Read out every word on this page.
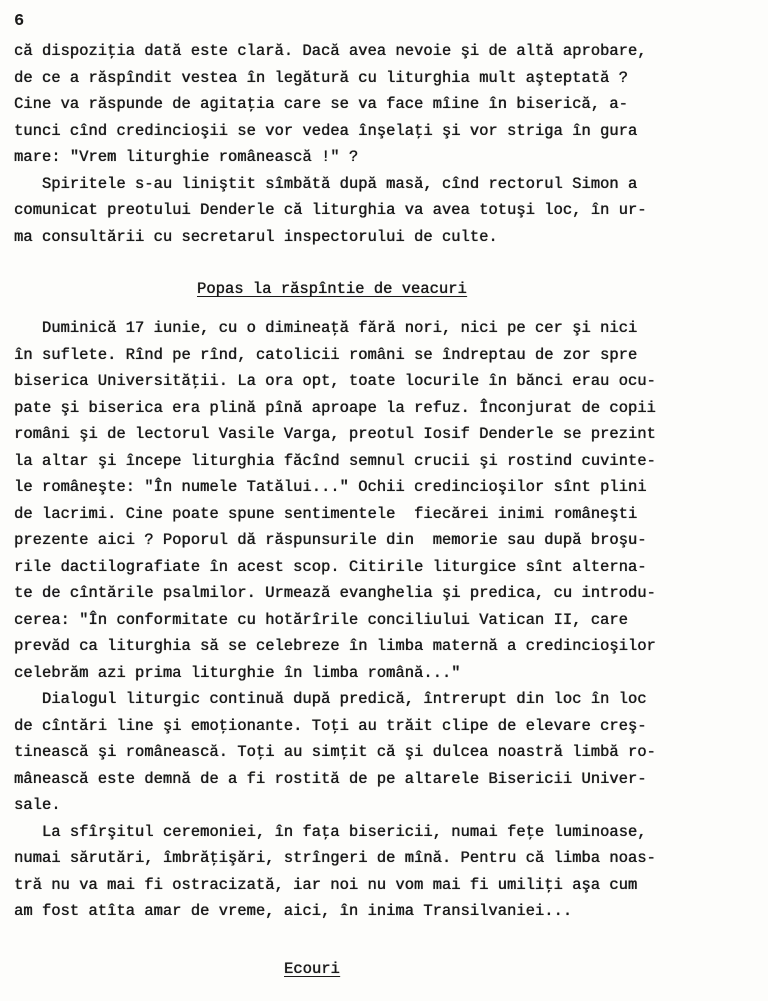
6
că dispoziţia dată este clară. Dacă avea nevoie şi de altă aprobare,
de ce a răspîndit vestea în legătură cu liturghia mult aşteptată ?
Cine va răspunde de agitaţia care se va face mîine în biserică, a-
tunci cînd credincioşii se vor vedea înşelaţi şi vor striga în gura
mare: "Vrem liturghie românească !" ?
Spiritele s-au liniştit sîmbătă după masă, cînd rectorul Simon a
comunicat preotului Denderle că liturghia va avea totuşi loc, în ur-
ma consultării cu secretarul inspectorului de culte.
Popas la răspîntie de veacuri
Duminică 17 iunie, cu o dimineaţă fără nori, nici pe cer şi nici
în suflete. Rînd pe rînd, catolicii români se îndreptau de zor spre
biserica Universităţii. La ora opt, toate locurile în bănci erau ocu-
pate şi biserica era plină pînă aproape la refuz. Înconjurat de copii
români şi de lectorul Vasile Varga, preotul Iosif Denderle se prezint
la altar şi începe liturghia făcînd semnul crucii şi rostind cuvinte-
le româneşte: "În numele Tatălui..." Ochii credincioşilor sînt plini
de lacrimi. Cine poate spune sentimentele  fiecărei inimi româneşti
prezente aici ? Poporul dă răspunsurile din  memorie sau după broşu-
rile dactilografiate în acest scop. Citirile liturgice sînt alterna-
te de cîntările psalmilor. Urmează evanghelia şi predica, cu introdu-
cerea: "În conformitate cu hotărîrile conciliului Vatican II, care
prevăd ca liturghia să se celebreze în limba maternă a credincioşilor
celebrăm azi prima liturghie în limba română..."
Dialogul liturgic continuă după predică, întrerupt din loc în loc
de cîntări line şi emoţionante. Toţi au trăit clipe de elevare creş-
tinească şi românească. Toţi au simţit că şi dulcea noastră limbă ro-
mânească este demnă de a fi rostită de pe altarele Bisericii Univer-
sale.
La sfîrşitul ceremoniei, în faţa bisericii, numai feţe luminoase,
numai sărutări, îmbrăţişări, strîngeri de mînă. Pentru că limba noas-
tră nu va mai fi ostracizată, iar noi nu vom mai fi umiliţi aşa cum
am fost atîta amar de vreme, aici, în inima Transilvaniei...
Ecouri
